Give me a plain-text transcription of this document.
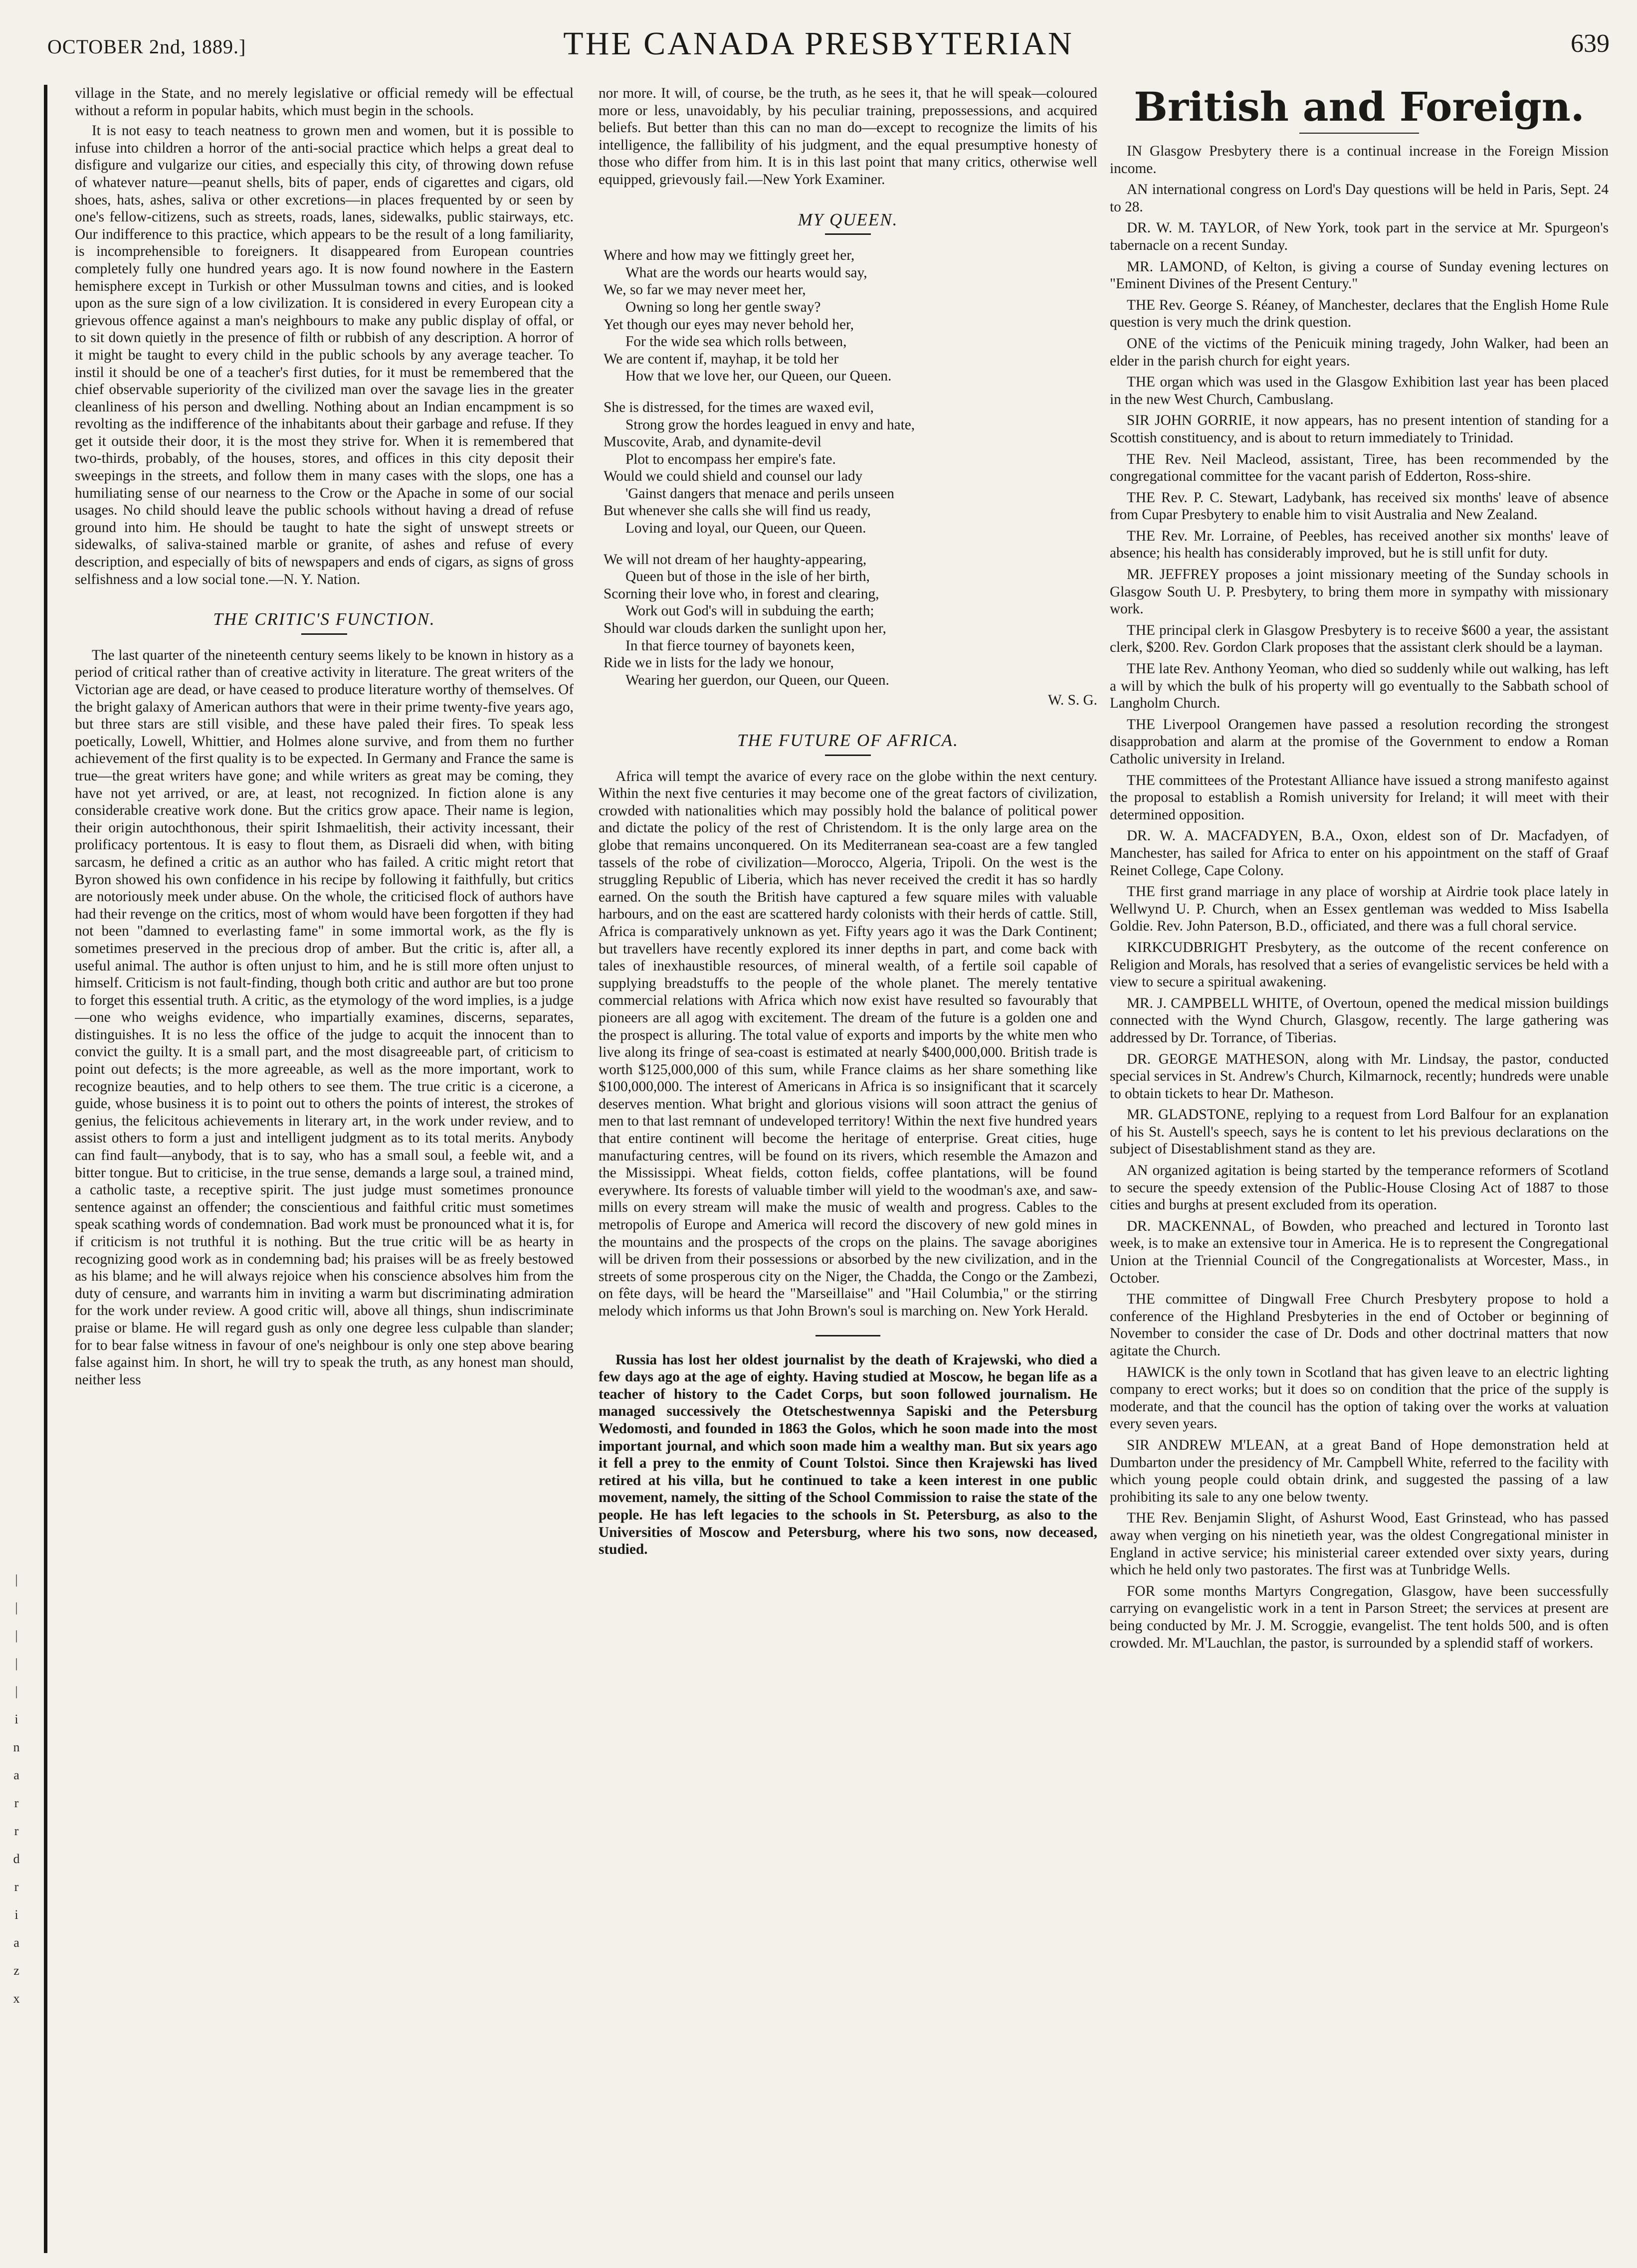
OCTOBER 2nd, 1889.]	THE CANADA PRESBYTERIAN	639
|
|
|
|
|
i
n
a
r
r
d
r
i
a
z
x

village in the State, and no merely legislative or official remedy will be effectual without a reform in popular habits, which must begin in the schools.

It is not easy to teach neatness to grown men and women, but it is possible to infuse into children a horror of the anti-social practice which helps a great deal to disfigure and vulgarize our cities, and especially this city, of throwing down refuse of whatever nature—peanut shells, bits of paper, ends of cigarettes and cigars, old shoes, hats, ashes, saliva or other excretions—in places frequented by or seen by one's fellow-citizens, such as streets, roads, lanes, sidewalks, public stairways, etc. Our indifference to this practice, which appears to be the result of a long familiarity, is incomprehensible to foreigners. It disappeared from European countries completely fully one hundred years ago. It is now found nowhere in the Eastern hemisphere except in Turkish or other Mussulman towns and cities, and is looked upon as the sure sign of a low civilization. It is considered in every European city a grievous offence against a man's neighbours to make any public display of offal, or to sit down quietly in the presence of filth or rubbish of any description. A horror of it might be taught to every child in the public schools by any average teacher. To instil it should be one of a teacher's first duties, for it must be remembered that the chief observable superiority of the civilized man over the savage lies in the greater cleanliness of his person and dwelling. Nothing about an Indian encampment is so revolting as the indifference of the inhabitants about their garbage and refuse. If they get it outside their door, it is the most they strive for. When it is remembered that two-thirds, probably, of the houses, stores, and offices in this city deposit their sweepings in the streets, and follow them in many cases with the slops, one has a humiliating sense of our nearness to the Crow or the Apache in some of our social usages. No child should leave the public schools without having a dread of refuse ground into him. He should be taught to hate the sight of unswept streets or sidewalks, of saliva-stained marble or granite, of ashes and refuse of every description, and especially of bits of newspapers and ends of cigars, as signs of gross selfishness and a low social tone.—N. Y. Nation.

THE CRITIC'S FUNCTION.

The last quarter of the nineteenth century seems likely to be known in history as a period of critical rather than of creative activity in literature. The great writers of the Victorian age are dead, or have ceased to produce literature worthy of themselves. Of the bright galaxy of American authors that were in their prime twenty-five years ago, but three stars are still visible, and these have paled their fires. To speak less poetically, Lowell, Whittier, and Holmes alone survive, and from them no further achievement of the first quality is to be expected. In Germany and France the same is true—the great writers have gone; and while writers as great may be coming, they have not yet arrived, or are, at least, not recognized. In fiction alone is any considerable creative work done. But the critics grow apace. Their name is legion, their origin autochthonous, their spirit Ishmaelitish, their activity incessant, their prolificacy portentous. It is easy to flout them, as Disraeli did when, with biting sarcasm, he defined a critic as an author who has failed. A critic might retort that Byron showed his own confidence in his recipe by following it faithfully, but critics are notoriously meek under abuse. On the whole, the criticised flock of authors have had their revenge on the critics, most of whom would have been forgotten if they had not been "damned to everlasting fame" in some immortal work, as the fly is sometimes preserved in the precious drop of amber. But the critic is, after all, a useful animal. The author is often unjust to him, and he is still more often unjust to himself. Criticism is not fault-finding, though both critic and author are but too prone to forget this essential truth. A critic, as the etymology of the word implies, is a judge—one who weighs evidence, who impartially examines, discerns, separates, distinguishes. It is no less the office of the judge to acquit the innocent than to convict the guilty. It is a small part, and the most disagreeable part, of criticism to point out defects; is the more agreeable, as well as the more important, work to recognize beauties, and to help others to see them. The true critic is a cicerone, a guide, whose business it is to point out to others the points of interest, the strokes of genius, the felicitous achievements in literary art, in the work under review, and to assist others to form a just and intelligent judgment as to its total merits. Anybody can find fault—anybody, that is to say, who has a small soul, a feeble wit, and a bitter tongue. But to criticise, in the true sense, demands a large soul, a trained mind, a catholic taste, a receptive spirit. The just judge must sometimes pronounce sentence against an offender; the conscientious and faithful critic must sometimes speak scathing words of condemnation. Bad work must be pronounced what it is, for if criticism is not truthful it is nothing. But the true critic will be as hearty in recognizing good work as in condemning bad; his praises will be as freely bestowed as his blame; and he will always rejoice when his conscience absolves him from the duty of censure, and warrants him in inviting a warm but discriminating admiration for the work under review. A good critic will, above all things, shun indiscriminate praise or blame. He will regard gush as only one degree less culpable than slander; for to bear false witness in favour of one's neighbour is only one step above bearing false against him. In short, he will try to speak the truth, as any honest man should, neither less

nor more. It will, of course, be the truth, as he sees it, that he will speak—coloured more or less, unavoidably, by his peculiar training, prepossessions, and acquired beliefs. But better than this can no man do—except to recognize the limits of his intelligence, the fallibility of his judgment, and the equal presumptive honesty of those who differ from him. It is in this last point that many critics, otherwise well equipped, grievously fail.—New York Examiner.

MY QUEEN.
Where and how may we fittingly greet her,
What are the words our hearts would say,
We, so far we may never meet her,
Owning so long her gentle sway?
Yet though our eyes may never behold her,
For the wide sea which rolls between,
We are content if, mayhap, it be told her
How that we love her, our Queen, our Queen.
She is distressed, for the times are waxed evil,
Strong grow the hordes leagued in envy and hate,
Muscovite, Arab, and dynamite-devil
Plot to encompass her empire's fate.
Would we could shield and counsel our lady
'Gainst dangers that menace and perils unseen
But whenever she calls she will find us ready,
Loving and loyal, our Queen, our Queen.
We will not dream of her haughty-appearing,
Queen but of those in the isle of her birth,
Scorning their love who, in forest and clearing,
Work out God's will in subduing the earth;
Should war clouds darken the sunlight upon her,
In that fierce tourney of bayonets keen,
Ride we in lists for the lady we honour,
Wearing her guerdon, our Queen, our Queen.
W. S. G.
THE FUTURE OF AFRICA.

Africa will tempt the avarice of every race on the globe within the next century. Within the next five centuries it may become one of the great factors of civilization, crowded with nationalities which may possibly hold the balance of political power and dictate the policy of the rest of Christendom. It is the only large area on the globe that remains unconquered. On its Mediterranean sea-coast are a few tangled tassels of the robe of civilization—Morocco, Algeria, Tripoli. On the west is the struggling Republic of Liberia, which has never received the credit it has so hardly earned. On the south the British have captured a few square miles with valuable harbours, and on the east are scattered hardy colonists with their herds of cattle. Still, Africa is comparatively unknown as yet. Fifty years ago it was the Dark Continent; but travellers have recently explored its inner depths in part, and come back with tales of inexhaustible resources, of mineral wealth, of a fertile soil capable of supplying breadstuffs to the people of the whole planet. The merely tentative commercial relations with Africa which now exist have resulted so favourably that pioneers are all agog with excitement. The dream of the future is a golden one and the prospect is alluring. The total value of exports and imports by the white men who live along its fringe of sea-coast is estimated at nearly $400,000,000. British trade is worth $125,000,000 of this sum, while France claims as her share something like $100,000,000. The interest of Americans in Africa is so insignificant that it scarcely deserves mention. What bright and glorious visions will soon attract the genius of men to that last remnant of undeveloped territory! Within the next five hundred years that entire continent will become the heritage of enterprise. Great cities, huge manufacturing centres, will be found on its rivers, which resemble the Amazon and the Mississippi. Wheat fields, cotton fields, coffee plantations, will be found everywhere. Its forests of valuable timber will yield to the woodman's axe, and saw-mills on every stream will make the music of wealth and progress. Cables to the metropolis of Europe and America will record the discovery of new gold mines in the mountains and the prospects of the crops on the plains. The savage aborigines will be driven from their possessions or absorbed by the new civilization, and in the streets of some prosperous city on the Niger, the Chadda, the Congo or the Zambezi, on fête days, will be heard the "Marseillaise" and "Hail Columbia," or the stirring melody which informs us that John Brown's soul is marching on. New York Herald.

Russia has lost her oldest journalist by the death of Krajewski, who died a few days ago at the age of eighty. Having studied at Moscow, he began life as a teacher of history to the Cadet Corps, but soon followed journalism. He managed successively the Otetschestwennya Sapiski and the Petersburg Wedomosti, and founded in 1863 the Golos, which he soon made into the most important journal, and which soon made him a wealthy man. But six years ago it fell a prey to the enmity of Count Tolstoi. Since then Krajewski has lived retired at his villa, but he continued to take a keen interest in one public movement, namely, the sitting of the School Commission to raise the state of the people. He has left legacies to the schools in St. Petersburg, as also to the Universities of Moscow and Petersburg, where his two sons, now deceased, studied.

British and Foreign.

IN Glasgow Presbytery there is a continual increase in the Foreign Mission income.

AN international congress on Lord's Day questions will be held in Paris, Sept. 24 to 28.

DR. W. M. TAYLOR, of New York, took part in the service at Mr. Spurgeon's tabernacle on a recent Sunday.

MR. LAMOND, of Kelton, is giving a course of Sunday evening lectures on "Eminent Divines of the Present Century."

THE Rev. George S. Réaney, of Manchester, declares that the English Home Rule question is very much the drink question.

ONE of the victims of the Penicuik mining tragedy, John Walker, had been an elder in the parish church for eight years.

THE organ which was used in the Glasgow Exhibition last year has been placed in the new West Church, Cambuslang.

SIR JOHN GORRIE, it now appears, has no present intention of standing for a Scottish constituency, and is about to return immediately to Trinidad.

THE Rev. Neil Macleod, assistant, Tiree, has been recommended by the congregational committee for the vacant parish of Edderton, Ross-shire.

THE Rev. P. C. Stewart, Ladybank, has received six months' leave of absence from Cupar Presbytery to enable him to visit Australia and New Zealand.

THE Rev. Mr. Lorraine, of Peebles, has received another six months' leave of absence; his health has considerably improved, but he is still unfit for duty.

MR. JEFFREY proposes a joint missionary meeting of the Sunday schools in Glasgow South U. P. Presbytery, to bring them more in sympathy with missionary work.

THE principal clerk in Glasgow Presbytery is to receive $600 a year, the assistant clerk, $200. Rev. Gordon Clark proposes that the assistant clerk should be a layman.

THE late Rev. Anthony Yeoman, who died so suddenly while out walking, has left a will by which the bulk of his property will go eventually to the Sabbath school of Langholm Church.

THE Liverpool Orangemen have passed a resolution recording the strongest disapprobation and alarm at the promise of the Government to endow a Roman Catholic university in Ireland.

THE committees of the Protestant Alliance have issued a strong manifesto against the proposal to establish a Romish university for Ireland; it will meet with their determined opposition.

DR. W. A. MACFADYEN, B.A., Oxon, eldest son of Dr. Macfadyen, of Manchester, has sailed for Africa to enter on his appointment on the staff of Graaf Reinet College, Cape Colony.

THE first grand marriage in any place of worship at Airdrie took place lately in Wellwynd U. P. Church, when an Essex gentleman was wedded to Miss Isabella Goldie. Rev. John Paterson, B.D., officiated, and there was a full choral service.

KIRKCUDBRIGHT Presbytery, as the outcome of the recent conference on Religion and Morals, has resolved that a series of evangelistic services be held with a view to secure a spiritual awakening.

MR. J. CAMPBELL WHITE, of Overtoun, opened the medical mission buildings connected with the Wynd Church, Glasgow, recently. The large gathering was addressed by Dr. Torrance, of Tiberias.

DR. GEORGE MATHESON, along with Mr. Lindsay, the pastor, conducted special services in St. Andrew's Church, Kilmarnock, recently; hundreds were unable to obtain tickets to hear Dr. Matheson.

MR. GLADSTONE, replying to a request from Lord Balfour for an explanation of his St. Austell's speech, says he is content to let his previous declarations on the subject of Disestablishment stand as they are.

AN organized agitation is being started by the temperance reformers of Scotland to secure the speedy extension of the Public-House Closing Act of 1887 to those cities and burghs at present excluded from its operation.

DR. MACKENNAL, of Bowden, who preached and lectured in Toronto last week, is to make an extensive tour in America. He is to represent the Congregational Union at the Triennial Council of the Congregationalists at Worcester, Mass., in October.

THE committee of Dingwall Free Church Presbytery propose to hold a conference of the Highland Presbyteries in the end of October or beginning of November to consider the case of Dr. Dods and other doctrinal matters that now agitate the Church.

HAWICK is the only town in Scotland that has given leave to an electric lighting company to erect works; but it does so on condition that the price of the supply is moderate, and that the council has the option of taking over the works at valuation every seven years.

SIR ANDREW M'LEAN, at a great Band of Hope demonstration held at Dumbarton under the presidency of Mr. Campbell White, referred to the facility with which young people could obtain drink, and suggested the passing of a law prohibiting its sale to any one below twenty.

THE Rev. Benjamin Slight, of Ashurst Wood, East Grinstead, who has passed away when verging on his ninetieth year, was the oldest Congregational minister in England in active service; his ministerial career extended over sixty years, during which he held only two pastorates. The first was at Tunbridge Wells.

FOR some months Martyrs Congregation, Glasgow, have been successfully carrying on evangelistic work in a tent in Parson Street; the services at present are being conducted by Mr. J. M. Scroggie, evangelist. The tent holds 500, and is often crowded. Mr. M'Lauchlan, the pastor, is surrounded by a splendid staff of workers.
